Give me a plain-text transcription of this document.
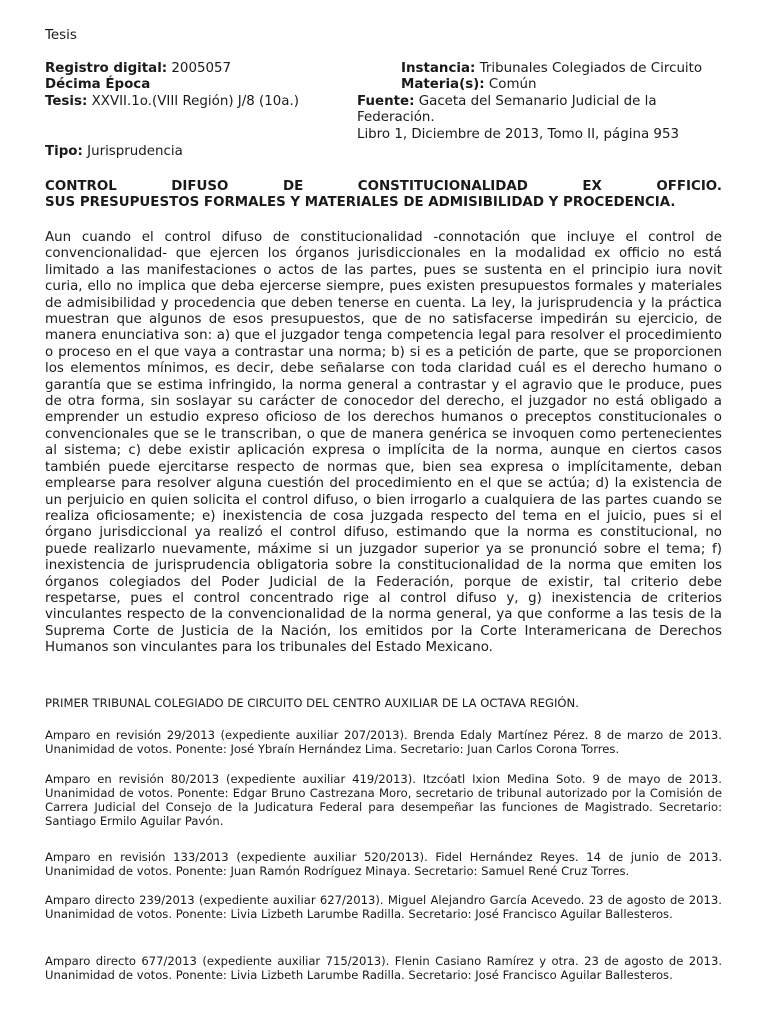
Tesis
Registro digital: 2005057
Décima Época
Tesis: XXVII.1o.(VIII Región) J/8 (10a.)
Instancia: Tribunales Colegiados de Circuito
Materia(s): Común
Fuente: Gaceta del Semanario Judicial de la Federación.
Libro 1, Diciembre de 2013, Tomo II, página 953
Tipo: Jurisprudencia
CONTROL	DIFUSO	DE	CONSTITUCIONALIDAD	EX	OFFICIO.
SUS PRESUPUESTOS FORMALES Y MATERIALES DE ADMISIBILIDAD Y PROCEDENCIA.
Aun cuando el control difuso de constitucionalidad -connotación que incluye el control de convencionalidad- que ejercen los órganos jurisdiccionales en la modalidad ex officio no está limitado a las manifestaciones o actos de las partes, pues se sustenta en el principio iura novit curia, ello no implica que deba ejercerse siempre, pues existen presupuestos formales y materiales de admisibilidad y procedencia que deben tenerse en cuenta. La ley, la jurisprudencia y la práctica muestran que algunos de esos presupuestos, que de no satisfacerse impedirán su ejercicio, de manera enunciativa son: a) que el juzgador tenga competencia legal para resolver el procedimiento o proceso en el que vaya a contrastar una norma; b) si es a petición de parte, que se proporcionen los elementos mínimos, es decir, debe señalarse con toda claridad cuál es el derecho humano o garantía que se estima infringido, la norma general a contrastar y el agravio que le produce, pues de otra forma, sin soslayar su carácter de conocedor del derecho, el juzgador no está obligado a emprender un estudio expreso oficioso de los derechos humanos o preceptos constitucionales o convencionales que se le transcriban, o que de manera genérica se invoquen como pertenecientes al sistema; c) debe existir aplicación expresa o implícita de la norma, aunque en ciertos casos también puede ejercitarse respecto de normas que, bien sea expresa o implícitamente, deban emplearse para resolver alguna cuestión del procedimiento en el que se actúa; d) la existencia de un perjuicio en quien solicita el control difuso, o bien irrogarlo a cualquiera de las partes cuando se realiza oficiosamente; e) inexistencia de cosa juzgada respecto del tema en el juicio, pues si el órgano jurisdiccional ya realizó el control difuso, estimando que la norma es constitucional, no puede realizarlo nuevamente, máxime si un juzgador superior ya se pronunció sobre el tema; f) inexistencia de jurisprudencia obligatoria sobre la constitucionalidad de la norma que emiten los órganos colegiados del Poder Judicial de la Federación, porque de existir, tal criterio debe respetarse, pues el control concentrado rige al control difuso y, g) inexistencia de criterios vinculantes respecto de la convencionalidad de la norma general, ya que conforme a las tesis de la Suprema Corte de Justicia de la Nación, los emitidos por la Corte Interamericana de Derechos Humanos son vinculantes para los tribunales del Estado Mexicano.
PRIMER TRIBUNAL COLEGIADO DE CIRCUITO DEL CENTRO AUXILIAR DE LA OCTAVA REGIÓN.
Amparo en revisión 29/2013 (expediente auxiliar 207/2013). Brenda Edaly Martínez Pérez. 8 de marzo de 2013. Unanimidad de votos. Ponente: José Ybraín Hernández Lima. Secretario: Juan Carlos Corona Torres.
Amparo en revisión 80/2013 (expediente auxiliar 419/2013). Itzcóatl Ixion Medina Soto. 9 de mayo de 2013. Unanimidad de votos. Ponente: Edgar Bruno Castrezana Moro, secretario de tribunal autorizado por la Comisión de Carrera Judicial del Consejo de la Judicatura Federal para desempeñar las funciones de Magistrado. Secretario: Santiago Ermilo Aguilar Pavón.
Amparo en revisión 133/2013 (expediente auxiliar 520/2013). Fidel Hernández Reyes. 14 de junio de 2013. Unanimidad de votos. Ponente: Juan Ramón Rodríguez Minaya. Secretario: Samuel René Cruz Torres.
Amparo directo 239/2013 (expediente auxiliar 627/2013). Miguel Alejandro García Acevedo. 23 de agosto de 2013. Unanimidad de votos. Ponente: Livia Lizbeth Larumbe Radilla. Secretario: José Francisco Aguilar Ballesteros.
Amparo directo 677/2013 (expediente auxiliar 715/2013). Flenin Casiano Ramírez y otra. 23 de agosto de 2013. Unanimidad de votos. Ponente: Livia Lizbeth Larumbe Radilla. Secretario: José Francisco Aguilar Ballesteros.
